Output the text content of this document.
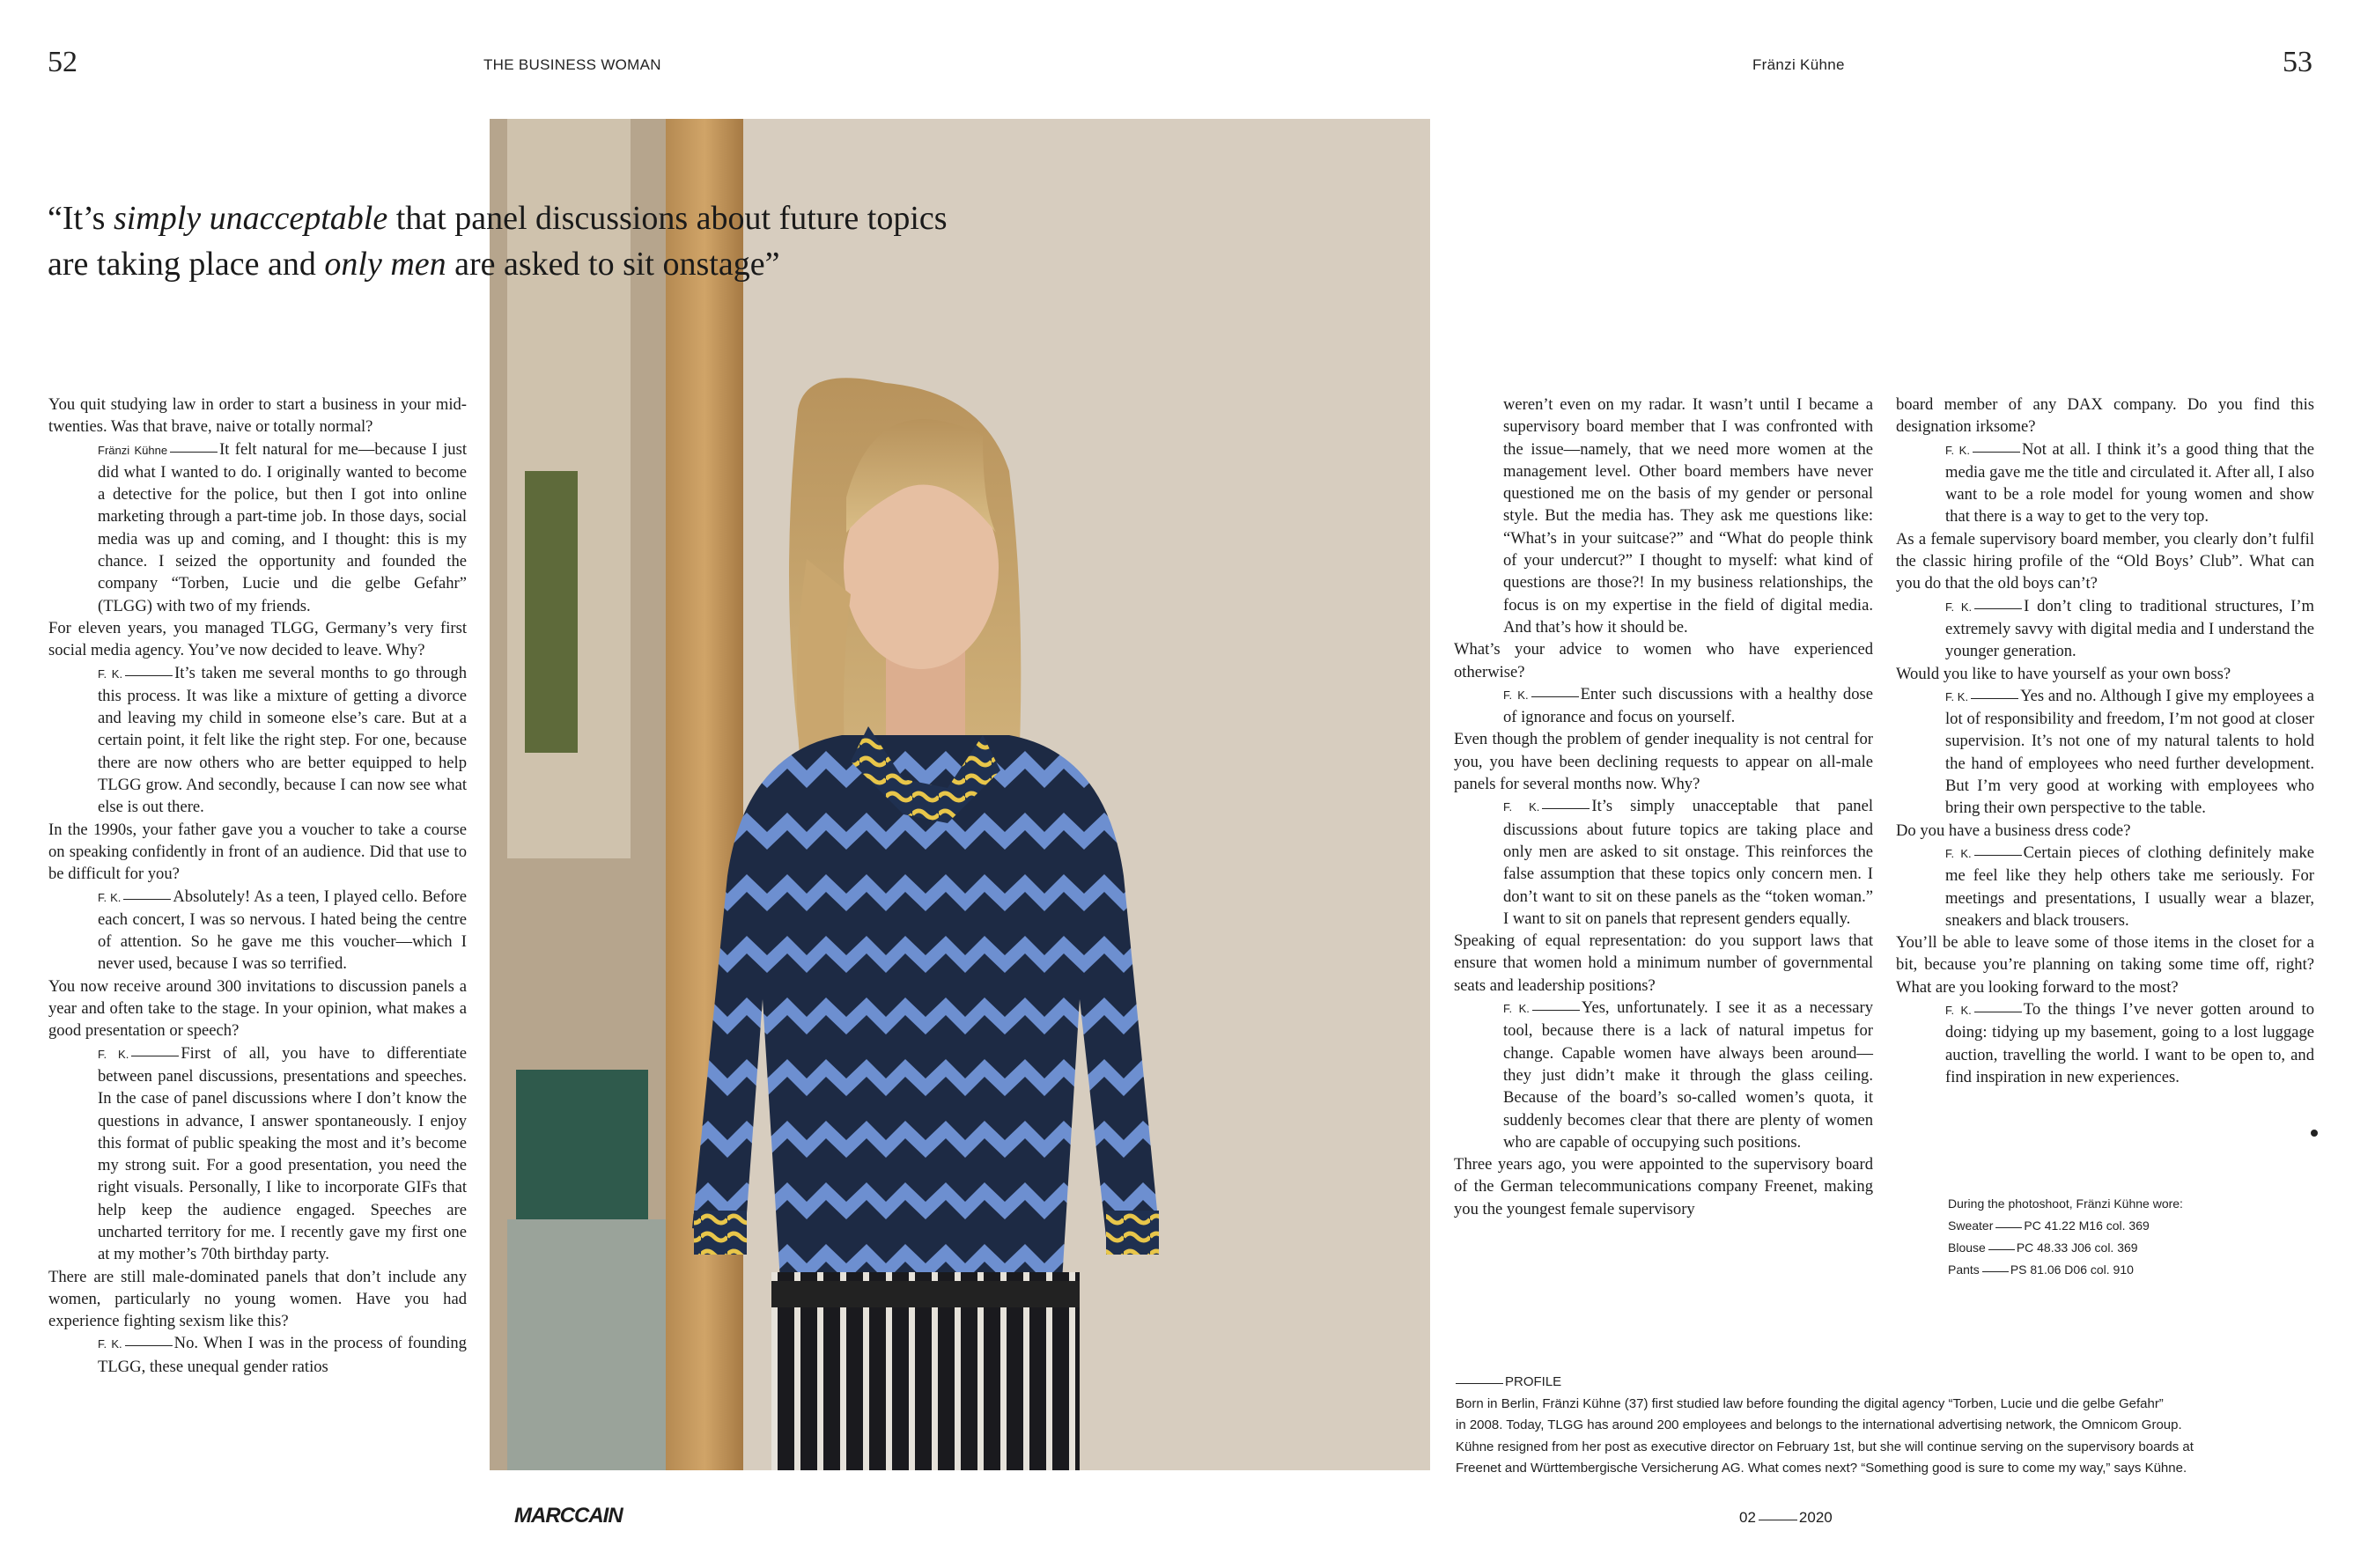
52	THE BUSINESS WOMAN	Fränzi Kühne	53
“It’s simply unacceptable that panel discussions about future topics
are taking place and only men are asked to sit onstage”

You quit studying law in order to start a business in your mid-twenties. Was that brave, naive or totally normal?

Fränzi Kühne	It felt natural for me—because I just did what I wanted to do. I originally wanted to become a detective for the police, but then I got into online marketing through a part-time job. In those days, social media was up and coming, and I thought: this is my chance. I seized the opportunity and founded the company “Torben, Lucie und die gelbe Gefahr” (TLGG) with two of my friends.

For eleven years, you managed TLGG, Germany’s very first social media agency. You’ve now decided to leave. Why?

F. K.	It’s taken me several months to go through this process. It was like a mixture of getting a divorce and leaving my child in someone else’s care. But at a certain point, it felt like the right step. For one, because there are now others who are better equipped to help TLGG grow. And secondly, because I can now see what else is out there.

In the 1990s, your father gave you a voucher to take a course on speaking confidently in front of an audience. Did that use to be difficult for you?

F. K.	Absolutely! As a teen, I played cello. Before each concert, I was so nervous. I hated being the centre of attention. So he gave me this voucher—which I never used, because I was so terrified.

You now receive around 300 invitations to discussion panels a year and often take to the stage. In your opinion, what makes a good presentation or speech?

F. K.	First of all, you have to differentiate between panel discussions, presentations and speeches. In the case of panel discussions where I don’t know the questions in advance, I answer spontaneously. I enjoy this format of public speaking the most and it’s become my strong suit. For a good presentation, you need the right visuals. Personally, I like to incorporate GIFs that help keep the audience engaged. Speeches are uncharted territory for me. I recently gave my first one at my mother’s 70th birthday party.

There are still male-dominated panels that don’t include any women, particularly no young women. Have you had experience fighting sexism like this?

F. K.	No. When I was in the process of founding TLGG, these unequal gender ratios

weren’t even on my radar. It wasn’t until I became a supervisory board member that I was confronted with the issue—namely, that we need more women at the management level. Other board members have never questioned me on the basis of my gender or personal style. But the media has. They ask me questions like: “What’s in your suitcase?” and “What do people think of your undercut?” I thought to myself: what kind of questions are those?! In my business relationships, the focus is on my expertise in the field of digital media. And that’s how it should be.

What’s your advice to women who have experienced otherwise?

F. K.	Enter such discussions with a healthy dose of ignorance and focus on yourself.

Even though the problem of gender inequality is not central for you, you have been declining requests to appear on all-male panels for several months now. Why?

F. K.	It’s simply unacceptable that panel discussions about future topics are taking place and only men are asked to sit onstage. This reinforces the false assumption that these topics only concern men. I don’t want to sit on these panels as the “token woman.” I want to sit on panels that represent genders equally.

Speaking of equal representation: do you support laws that ensure that women hold a minimum number of governmental seats and leadership positions?

F. K.	Yes, unfortunately. I see it as a necessary tool, because there is a lack of natural impetus for change. Capable women have always been around—they just didn’t make it through the glass ceiling. Because of the board’s so-called women’s quota, it suddenly becomes clear that there are plenty of women who are capable of occupying such positions.

Three years ago, you were appointed to the supervisory board of the German telecommunications company Freenet, making you the youngest female supervisory

board member of any DAX company. Do you find this designation irksome?

F. K.	Not at all. I think it’s a good thing that the media gave me the title and circulated it. After all, I also want to be a role model for young women and show that there is a way to get to the very top.

As a female supervisory board member, you clearly don’t fulfil the classic hiring profile of the “Old Boys’ Club”. What can you do that the old boys can’t?

F. K.	I don’t cling to traditional structures, I’m extremely savvy with digital media and I understand the younger generation.

Would you like to have yourself as your own boss?

F. K.	Yes and no. Although I give my employees a lot of responsibility and freedom, I’m not good at closer supervision. It’s not one of my natural talents to hold the hand of employees who need further development. But I’m very good at working with employees who bring their own perspective to the table.

Do you have a business dress code?

F. K.	Certain pieces of clothing definitely make me feel like they help others take me seriously. For meetings and presentations, I usually wear a blazer, sneakers and black trousers.

You’ll be able to leave some of those items in the closet for a bit, because you’re planning on taking some time off, right? What are you looking forward to the most?

F. K.	To the things I’ve never gotten around to doing: tidying up my basement, going to a lost luggage auction, travelling the world. I want to be open to, and find inspiration in new experiences.

During the photoshoot, Fränzi Kühne wore:
Sweater	PC 41.22 M16 col. 369
Blouse	PC 48.33 J06 col. 369
Pants	PS 81.06 D06 col. 910
PROFILE
Born in Berlin, Fränzi Kühne (37) first studied law before founding the digital agency “Torben, Lucie und die gelbe Gefahr”
in 2008. Today, TLGG has around 200 employees and belongs to the international advertising network, the Omnicom Group.
Kühne resigned from her post as executive director on February 1st, but she will continue serving on the supervisory boards at
Freenet and Württembergische Versicherung AG. What comes next? “Something good is sure to come my way,” says Kühne.
MARCCAIN	02	2020
